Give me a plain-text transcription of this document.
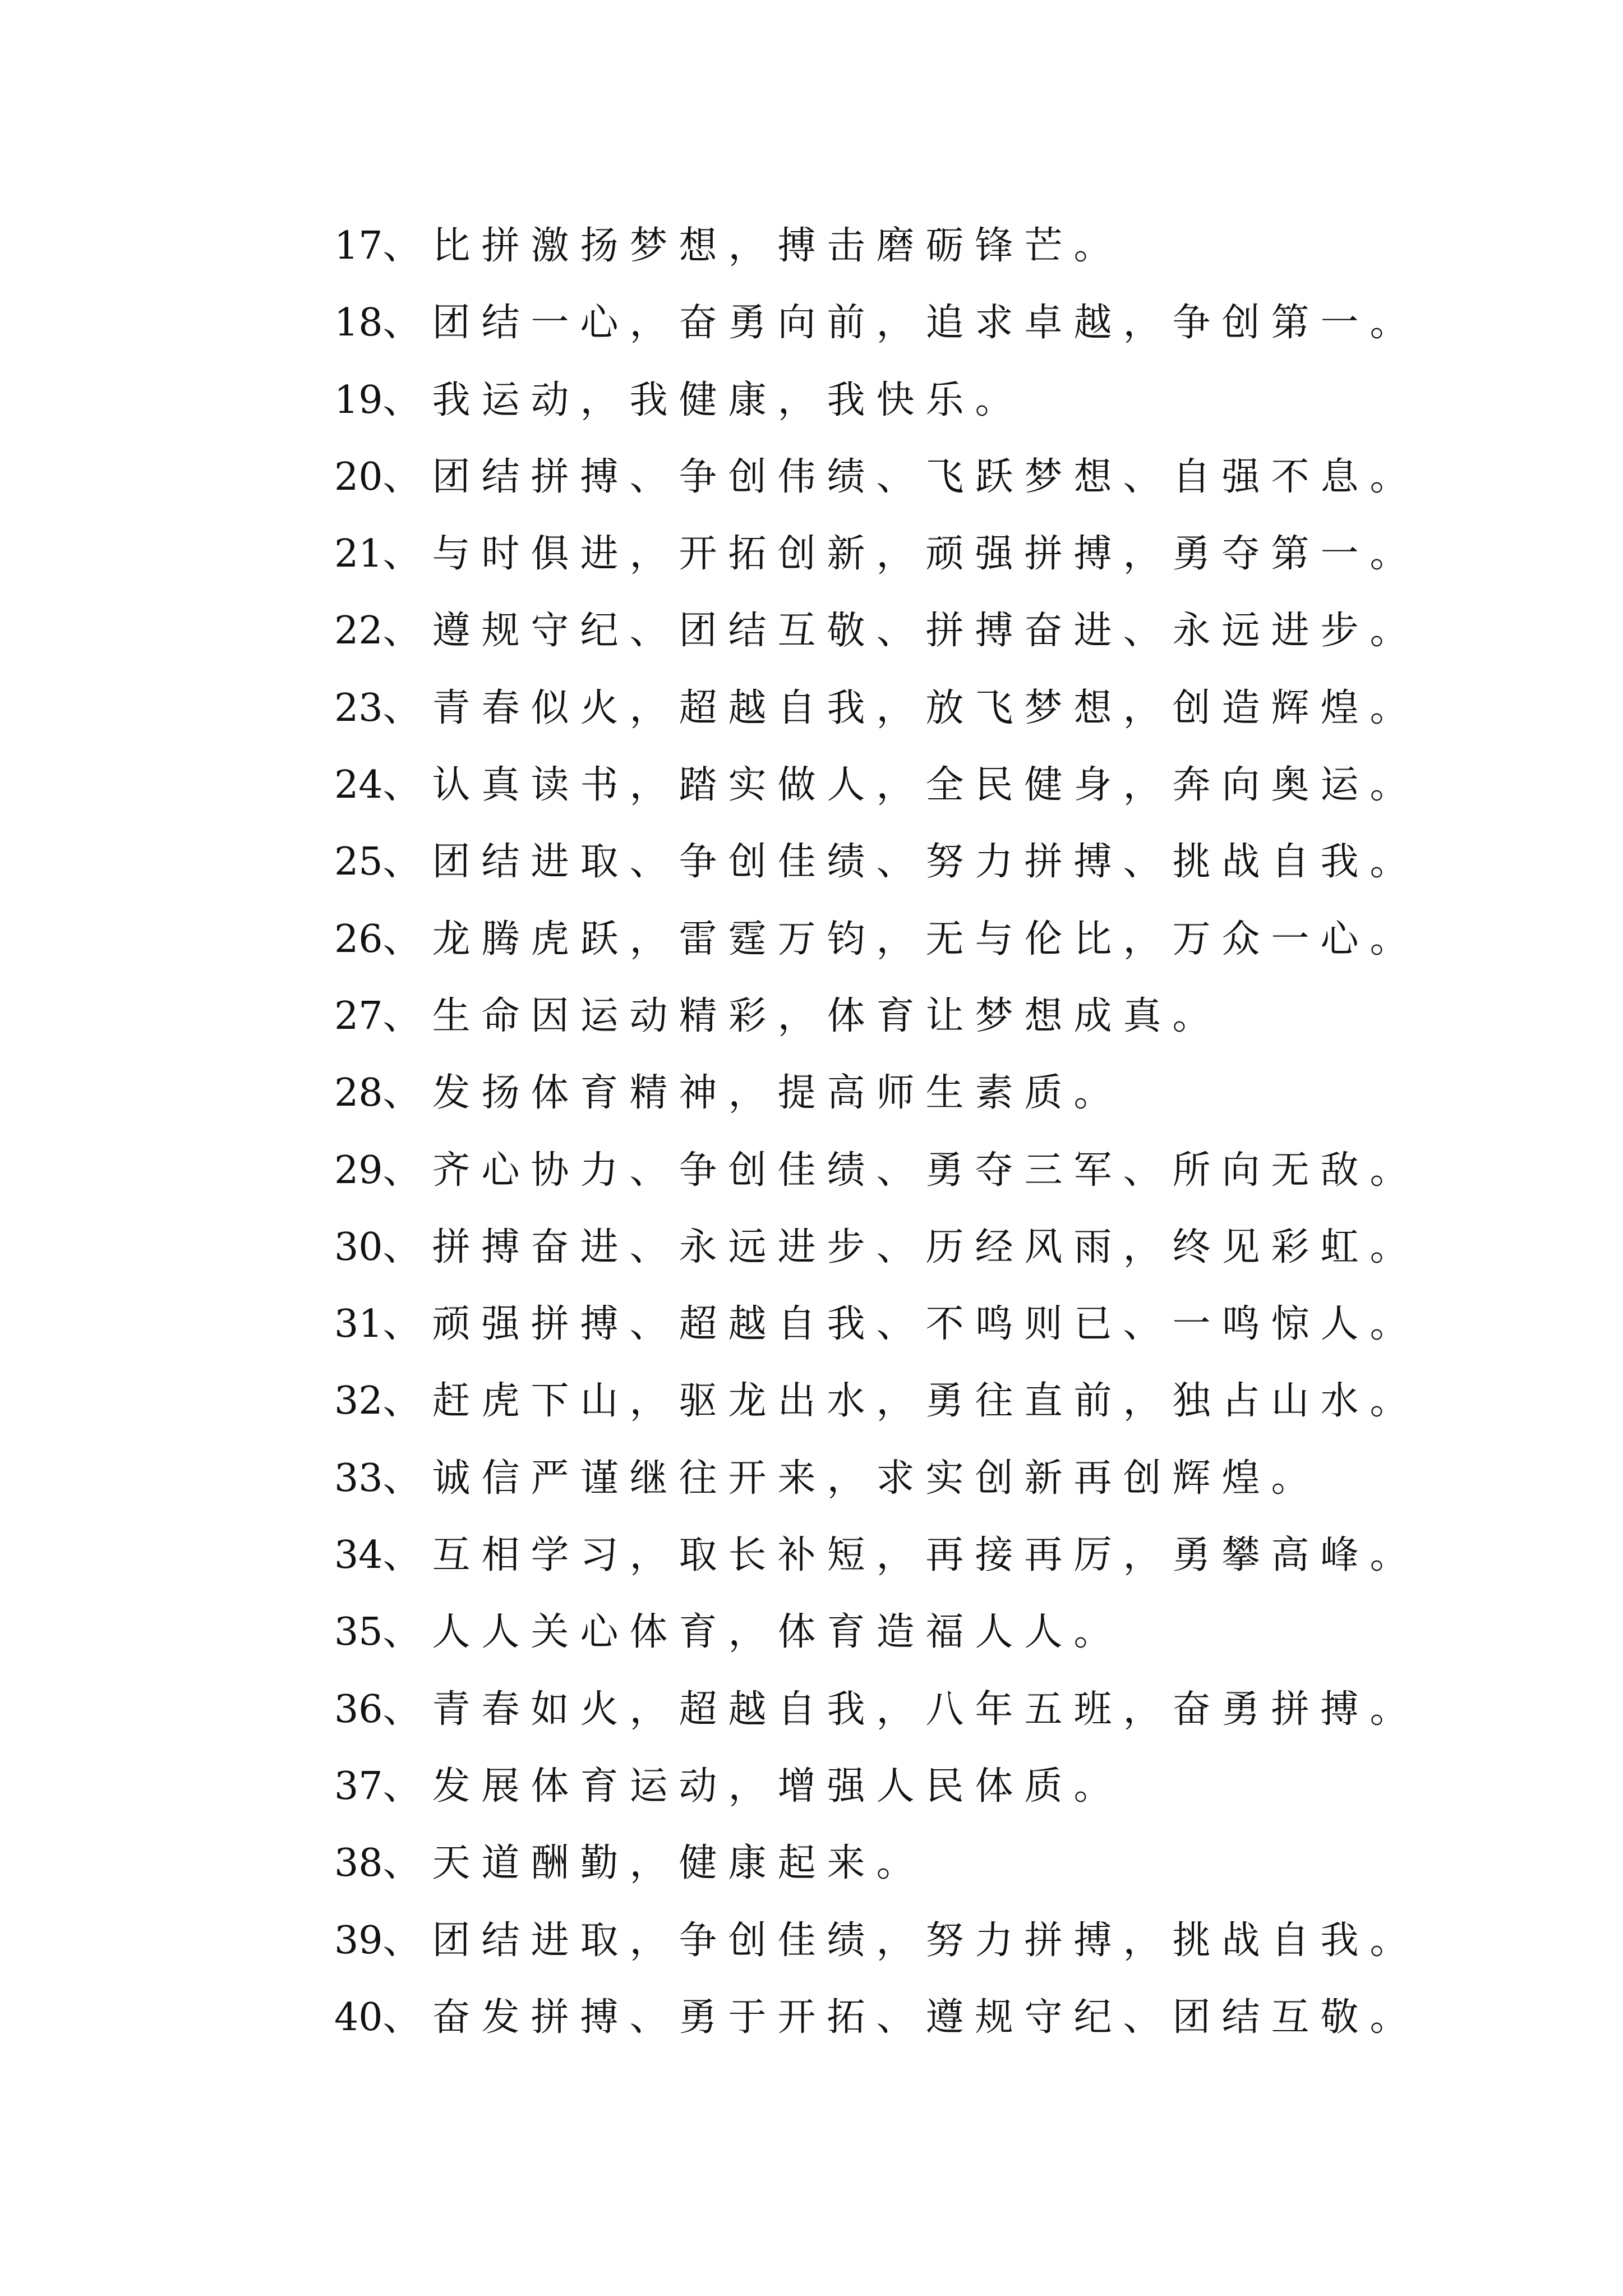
17、比拼激扬梦想，搏击磨砺锋芒。
18、团结一心，奋勇向前，追求卓越，争创第一。
19、我运动，我健康，我快乐。
20、团结拼搏、争创伟绩、飞跃梦想、自强不息。
21、与时俱进，开拓创新，顽强拼搏，勇夺第一。
22、遵规守纪、团结互敬、拼搏奋进、永远进步。
23、青春似火，超越自我，放飞梦想，创造辉煌。
24、认真读书，踏实做人，全民健身，奔向奥运。
25、团结进取、争创佳绩、努力拼搏、挑战自我。
26、龙腾虎跃，雷霆万钧，无与伦比，万众一心。
27、生命因运动精彩，体育让梦想成真。
28、发扬体育精神，提高师生素质。
29、齐心协力、争创佳绩、勇夺三军、所向无敌。
30、拼搏奋进、永远进步、历经风雨，终见彩虹。
31、顽强拼搏、超越自我、不鸣则已、一鸣惊人。
32、赶虎下山，驱龙出水，勇往直前，独占山水。
33、诚信严谨继往开来，求实创新再创辉煌。
34、互相学习，取长补短，再接再厉，勇攀高峰。
35、人人关心体育，体育造福人人。
36、青春如火，超越自我，八年五班，奋勇拼搏。
37、发展体育运动，增强人民体质。
38、天道酬勤，健康起来。
39、团结进取，争创佳绩，努力拼搏，挑战自我。
40、奋发拼搏、勇于开拓、遵规守纪、团结互敬。
